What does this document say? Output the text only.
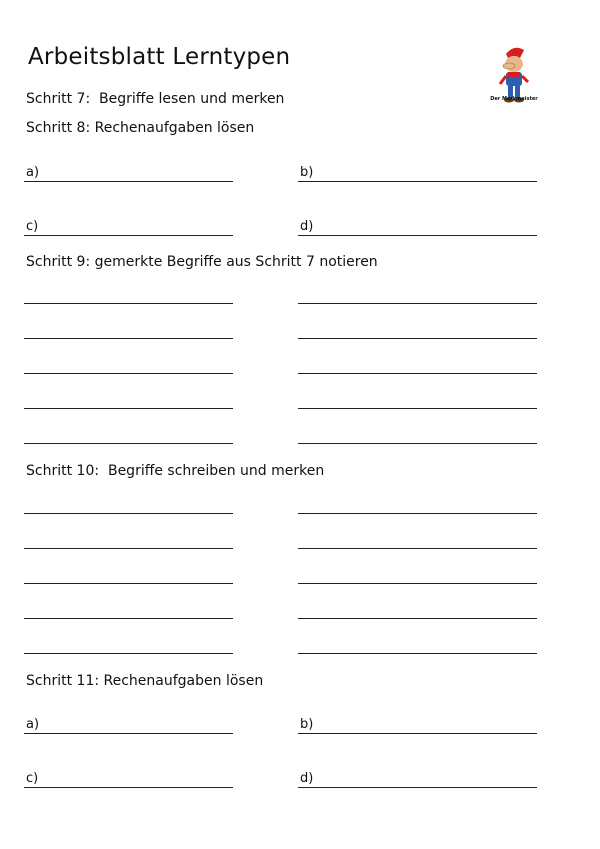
Arbeitsblatt Lerntypen
Der Merkmeister
Schritt 7:  Begriffe lesen und merken
Schritt 8: Rechenaufgaben lösen
a)	b)
c)	d)
Schritt 9: gemerkte Begriffe aus Schritt 7 notieren
Schritt 10:  Begriffe schreiben und merken
Schritt 11: Rechenaufgaben lösen
a)	b)
c)	d)
